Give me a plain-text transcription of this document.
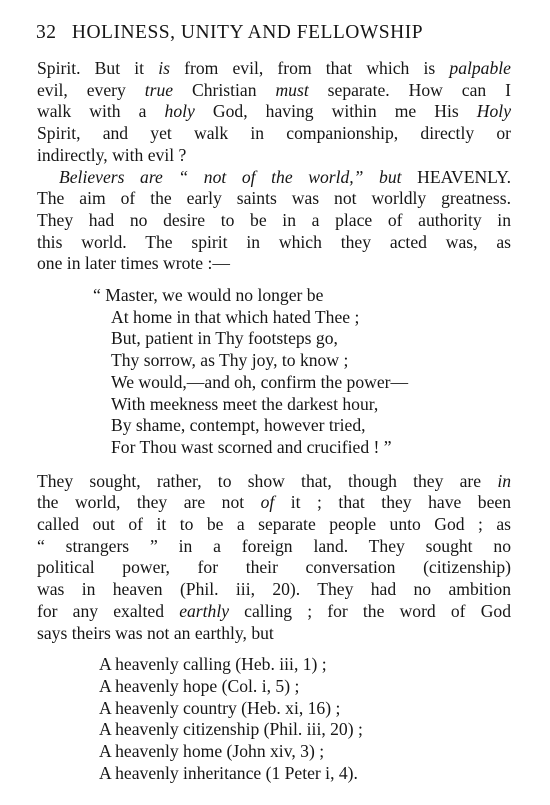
32 HOLINESS, UNITY AND FELLOWSHIP
Spirit. But it is from evil, from that which is palpable
evil, every true Christian must separate. How can I
walk with a holy God, having within me His Holy
Spirit, and yet walk in companionship, directly or
indirectly, with evil ?
Believers are “ not of the world,” but HEAVENLY.
The aim of the early saints was not worldly greatness.
They had no desire to be in a place of authority in
this world. The spirit in which they acted was, as
one in later times wrote :—
“ Master, we would no longer be
At home in that which hated Thee ;
But, patient in Thy footsteps go,
Thy sorrow, as Thy joy, to know ;
We would,—and oh, confirm the power—
With meekness meet the darkest hour,
By shame, contempt, however tried,
For Thou wast scorned and crucified ! ”
They sought, rather, to show that, though they are in
the world, they are not of it ; that they have been
called out of it to be a separate people unto God ; as
“ strangers ” in a foreign land. They sought no
political power, for their conversation (citizenship)
was in heaven (Phil. iii, 20). They had no ambition
for any exalted earthly calling ; for the word of God
says theirs was not an earthly, but
A heavenly calling (Heb. iii, 1) ;
A heavenly hope (Col. i, 5) ;
A heavenly country (Heb. xi, 16) ;
A heavenly citizenship (Phil. iii, 20) ;
A heavenly home (John xiv, 3) ;
A heavenly inheritance (1 Peter i, 4).
